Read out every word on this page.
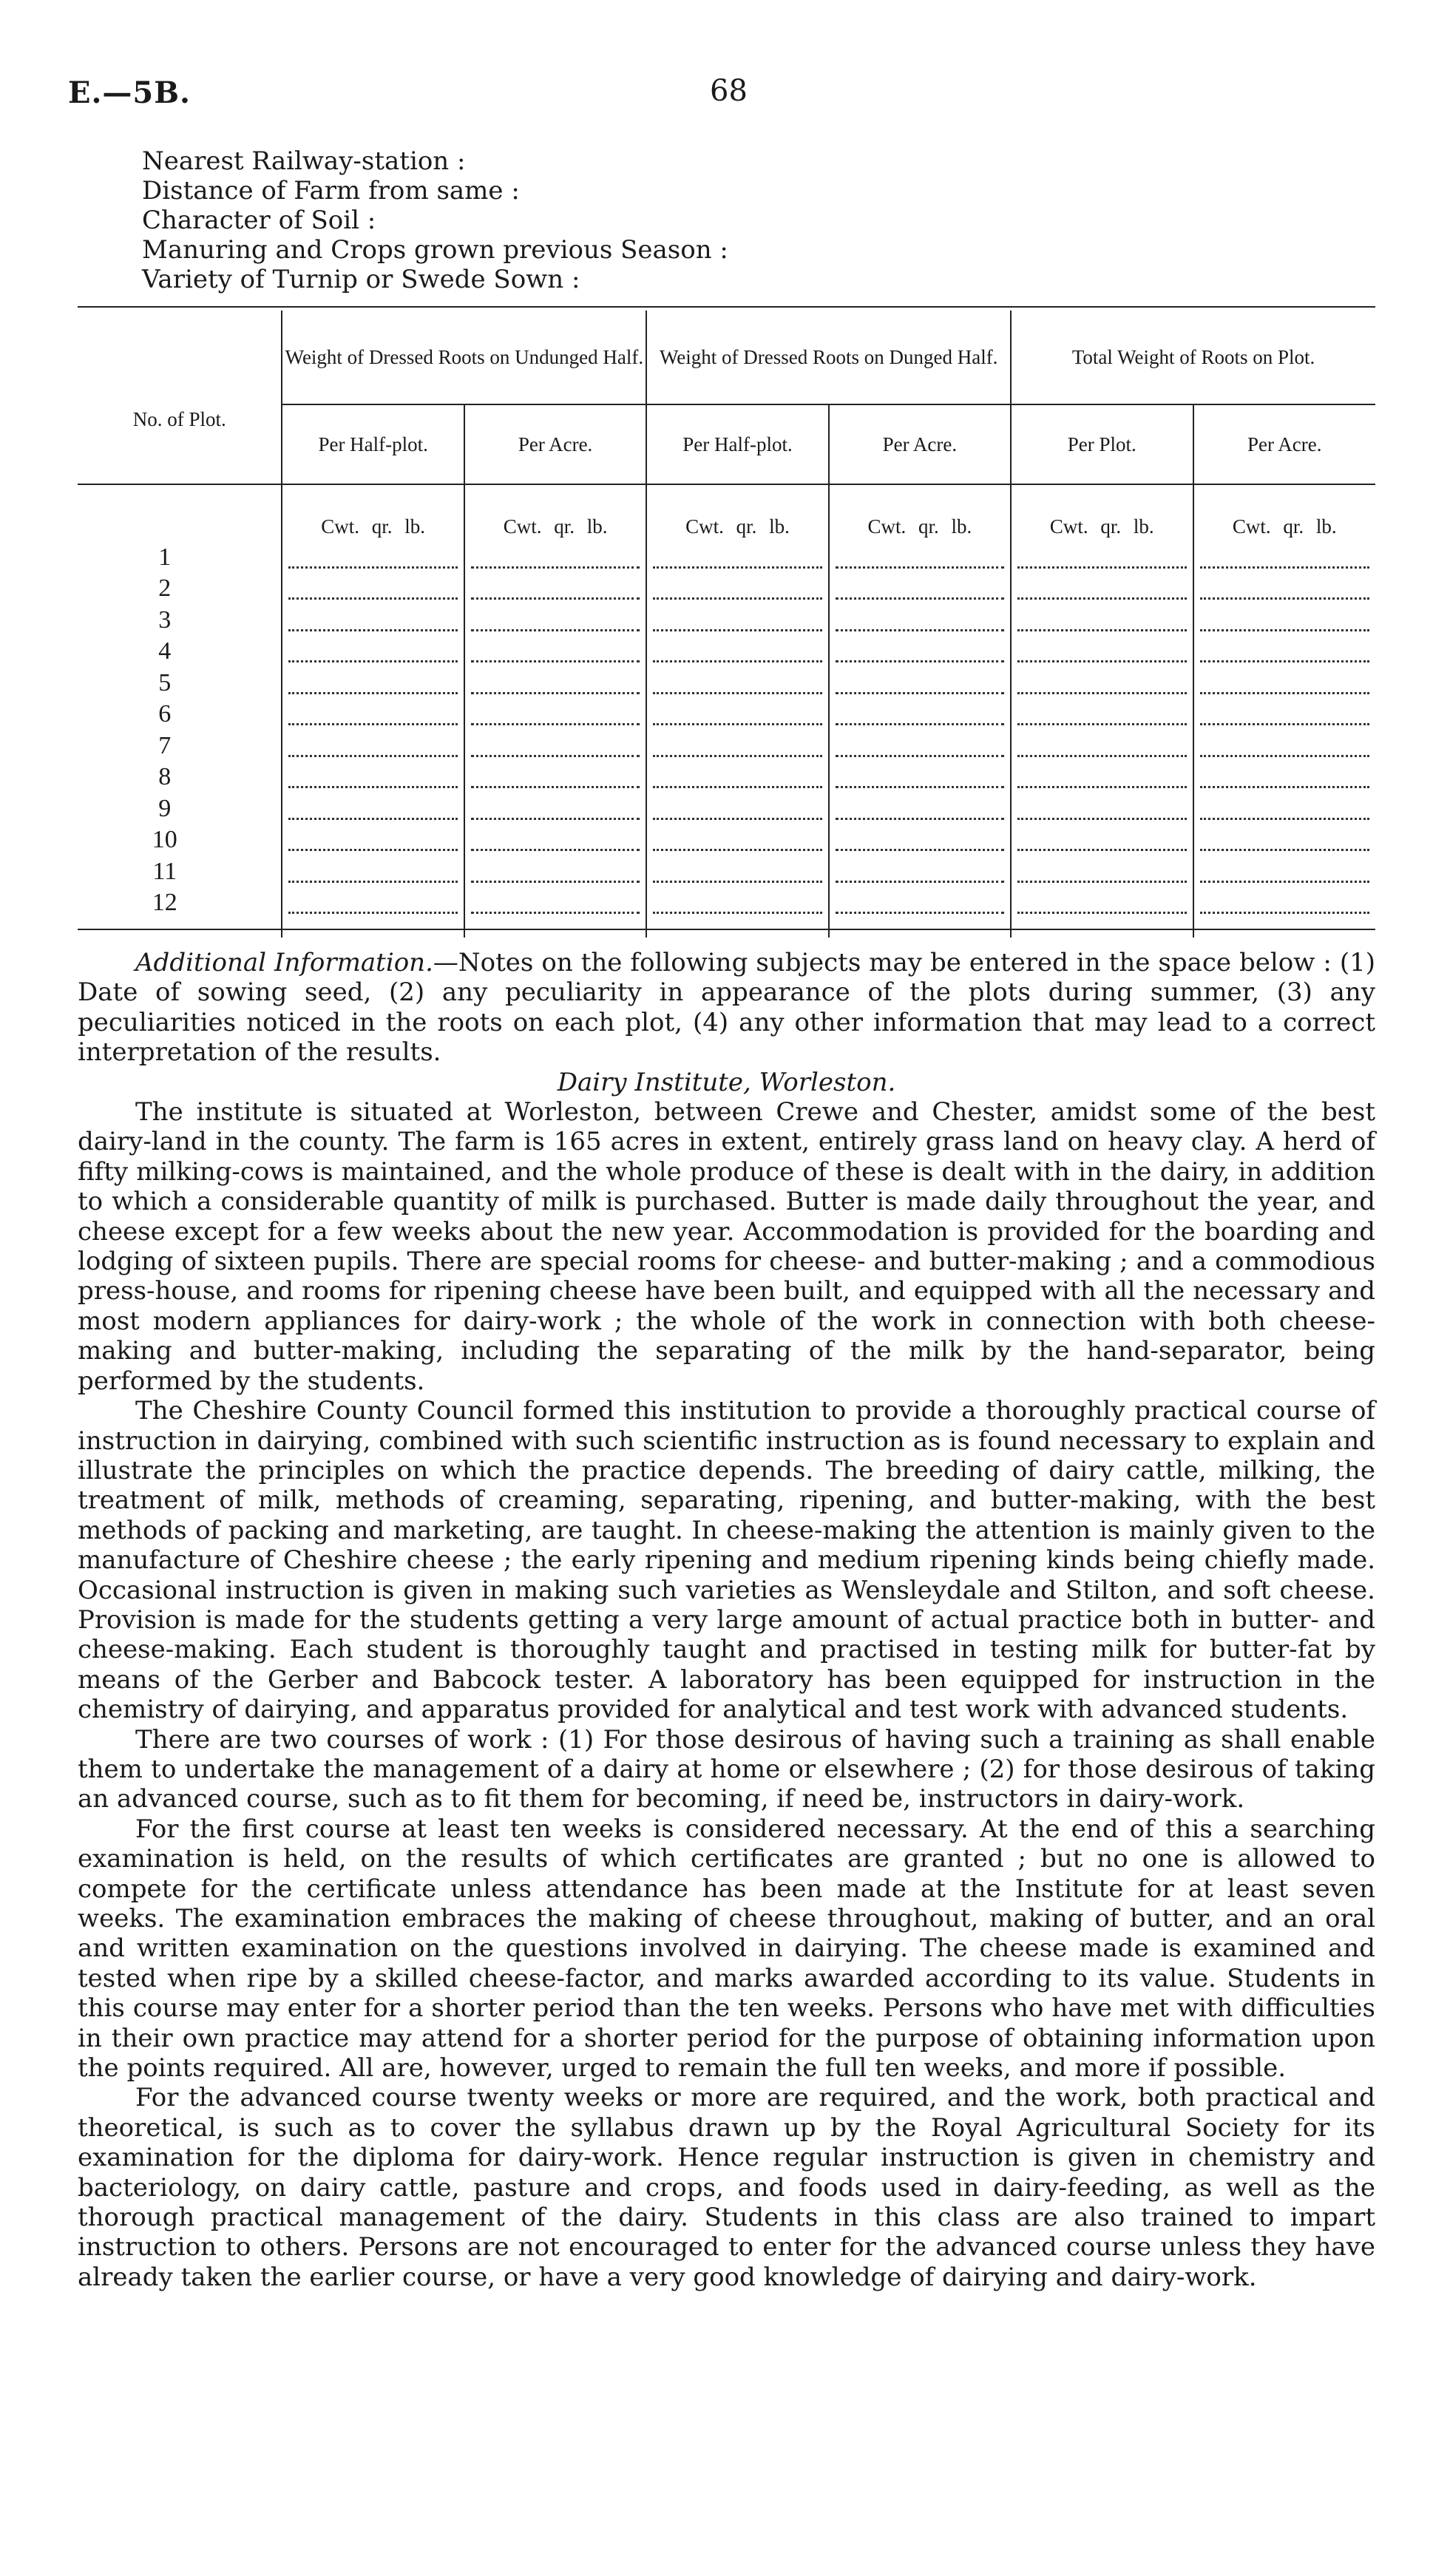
E.—5B.	68
Nearest Railway-station :
Distance of Farm from same :
Character of Soil :
Manuring and Crops grown previous Season :
Variety of Turnip or Swede Sown :
No. of Plot.	Weight of Dressed Roots on Undunged Half.		Weight of Dressed Roots on Dunged Half.		Total Weight of Roots on Plot.	
	Per Half-plot.	Per Acre.	Per Half-plot.	Per Acre.	Per Plot.	Per Acre.
	Cwt. qr. lb.	Cwt. qr. lb.	Cwt. qr. lb.	Cwt. qr. lb.	Cwt. qr. lb.	Cwt. qr. lb.
1	

2	

3	

4	

5	

6	

7	

8	

9	

10	

11	

12	

Additional Information.—Notes on the following subjects may be entered in the space below : (1) Date of sowing seed, (2) any peculiarity in appearance of the plots during summer, (3) any peculiarities noticed in the roots on each plot, (4) any other information that may lead to a correct interpretation of the results.

Dairy Institute, Worleston.

The institute is situated at Worleston, between Crewe and Chester, amidst some of the best dairy-land in the county. The farm is 165 acres in extent, entirely grass land on heavy clay. A herd of fifty milking-cows is maintained, and the whole produce of these is dealt with in the dairy, in addition to which a considerable quantity of milk is purchased. Butter is made daily throughout the year, and cheese except for a few weeks about the new year. Accommodation is provided for the boarding and lodging of sixteen pupils. There are special rooms for cheese- and butter-making ; and a commodious press-house, and rooms for ripening cheese have been built, and equipped with all the necessary and most modern appliances for dairy-work ; the whole of the work in connection with both cheese-making and butter-making, including the separating of the milk by the hand-separator, being performed by the students.

The Cheshire County Council formed this institution to provide a thoroughly practical course of instruction in dairying, combined with such scientific instruction as is found necessary to explain and illustrate the principles on which the practice depends. The breeding of dairy cattle, milking, the treatment of milk, methods of creaming, separating, ripening, and butter-making, with the best methods of packing and marketing, are taught. In cheese-making the attention is mainly given to the manufacture of Cheshire cheese ; the early ripening and medium ripening kinds being chiefly made. Occasional instruction is given in making such varieties as Wensleydale and Stilton, and soft cheese. Provision is made for the students getting a very large amount of actual practice both in butter- and cheese-making. Each student is thoroughly taught and practised in testing milk for butter-fat by means of the Gerber and Babcock tester. A laboratory has been equipped for instruction in the chemistry of dairying, and apparatus provided for analytical and test work with advanced students.

There are two courses of work : (1) For those desirous of having such a training as shall enable them to undertake the management of a dairy at home or elsewhere ; (2) for those desirous of taking an advanced course, such as to fit them for becoming, if need be, instructors in dairy-work.

For the first course at least ten weeks is considered necessary. At the end of this a searching examination is held, on the results of which certificates are granted ; but no one is allowed to compete for the certificate unless attendance has been made at the Institute for at least seven weeks. The examination embraces the making of cheese throughout, making of butter, and an oral and written examination on the questions involved in dairying. The cheese made is examined and tested when ripe by a skilled cheese-factor, and marks awarded according to its value. Students in this course may enter for a shorter period than the ten weeks. Persons who have met with difficulties in their own practice may attend for a shorter period for the purpose of obtaining information upon the points required. All are, however, urged to remain the full ten weeks, and more if possible.

For the advanced course twenty weeks or more are required, and the work, both practical and theoretical, is such as to cover the syllabus drawn up by the Royal Agricultural Society for its examination for the diploma for dairy-work. Hence regular instruction is given in chemistry and bacteriology, on dairy cattle, pasture and crops, and foods used in dairy-feeding, as well as the thorough practical management of the dairy. Students in this class are also trained to impart instruction to others. Persons are not encouraged to enter for the advanced course unless they have already taken the earlier course, or have a very good knowledge of dairying and dairy-work.
